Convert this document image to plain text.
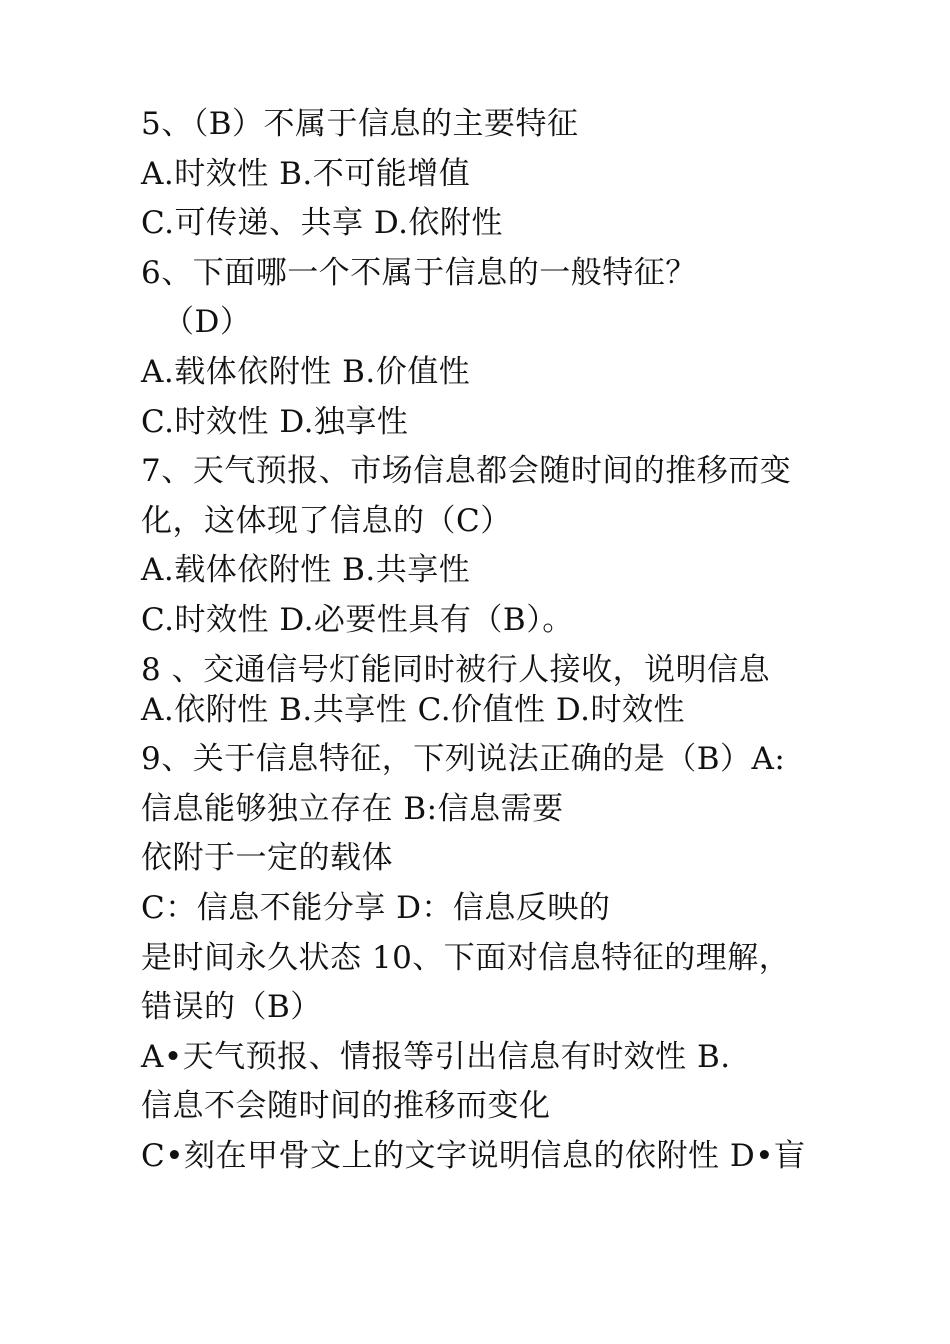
5、（B）不属于信息的主要特征
A.时效性 B.不可能增值
C.可传递、共享 D.依附性
6、下面哪一个不属于信息的一般特征？
（D）
A.载体依附性 B.价值性
C.时效性 D.独享性
7、天气预报、市场信息都会随时间的推移而变
化，这体现了信息的（C）
A.载体依附性 B.共享性
C.时效性 D.必要性具有（B）。
8 、交通信号灯能同时被行人接收，说明信息
A.依附性 B.共享性 C.价值性 D.时效性
9、关于信息特征，下列说法正确的是（B）A:
信息能够独立存在 B:信息需要
依附于一定的载体
C：信息不能分享 D：信息反映的
是时间永久状态 10、下面对信息特征的理解，
错误的（B）
A•天气预报、情报等引出信息有时效性 B.
信息不会随时间的推移而变化
C•刻在甲骨文上的文字说明信息的依附性 D•盲
